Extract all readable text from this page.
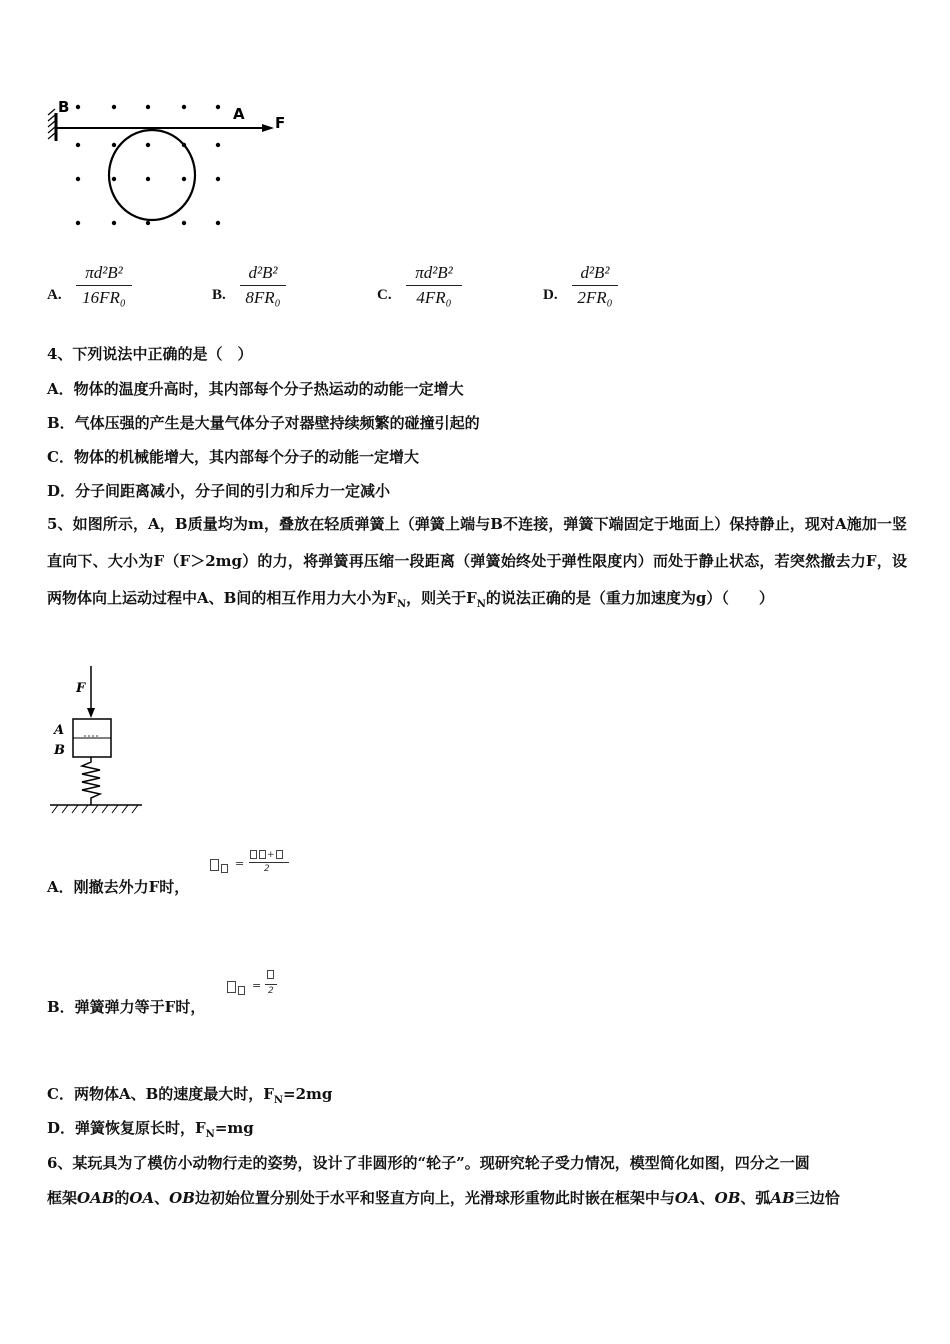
B	A F
A.
πd²B²
16FR₀	B.
d²B²
8FR₀	C.
πd²B²
4FR₀	D.
d²B²
2FR₀
4、下列说法中正确的是（　）
A．物体的温度升高时，其内部每个分子热运动的动能一定增大
B．气体压强的产生是大量气体分子对器壁持续频繁的碰撞引起的
C．物体的机械能增大，其内部每个分子的动能一定增大
D．分子间距离减小，分子间的引力和斥力一定减小
5、如图所示，A，B质量均为m，叠放在轻质弹簧上（弹簧上端与B不连接，弹簧下端固定于地面上）保持静止，现对A施加一竖直向下、大小为F（F＞2mg）的力，将弹簧再压缩一段距离（弹簧始终处于弹性限度内）而处于静止状态，若突然撤去力F，设两物体向上运动过程中A、B间的相互作用力大小为$F_N$，则关于$F_N$的说法正确的是（重力加速度为g）（　　）
F
A
B
A．刚撤去外力F时，
=
+
2
B．弹簧弹力等于F时，
= 2
C．两物体A、B的速度最大时，$F_N=2mg$
D．弹簧恢复原长时，$F_N=mg$
6、某玩具为了模仿小动物行走的姿势，设计了非圆形的“轮子”。现研究轮子受力情况，模型简化如图，四分之一圆
框架OAB的OA、OB边初始位置分别处于水平和竖直方向上，光滑球形重物此时嵌在框架中与OA、OB、弧AB三边恰
